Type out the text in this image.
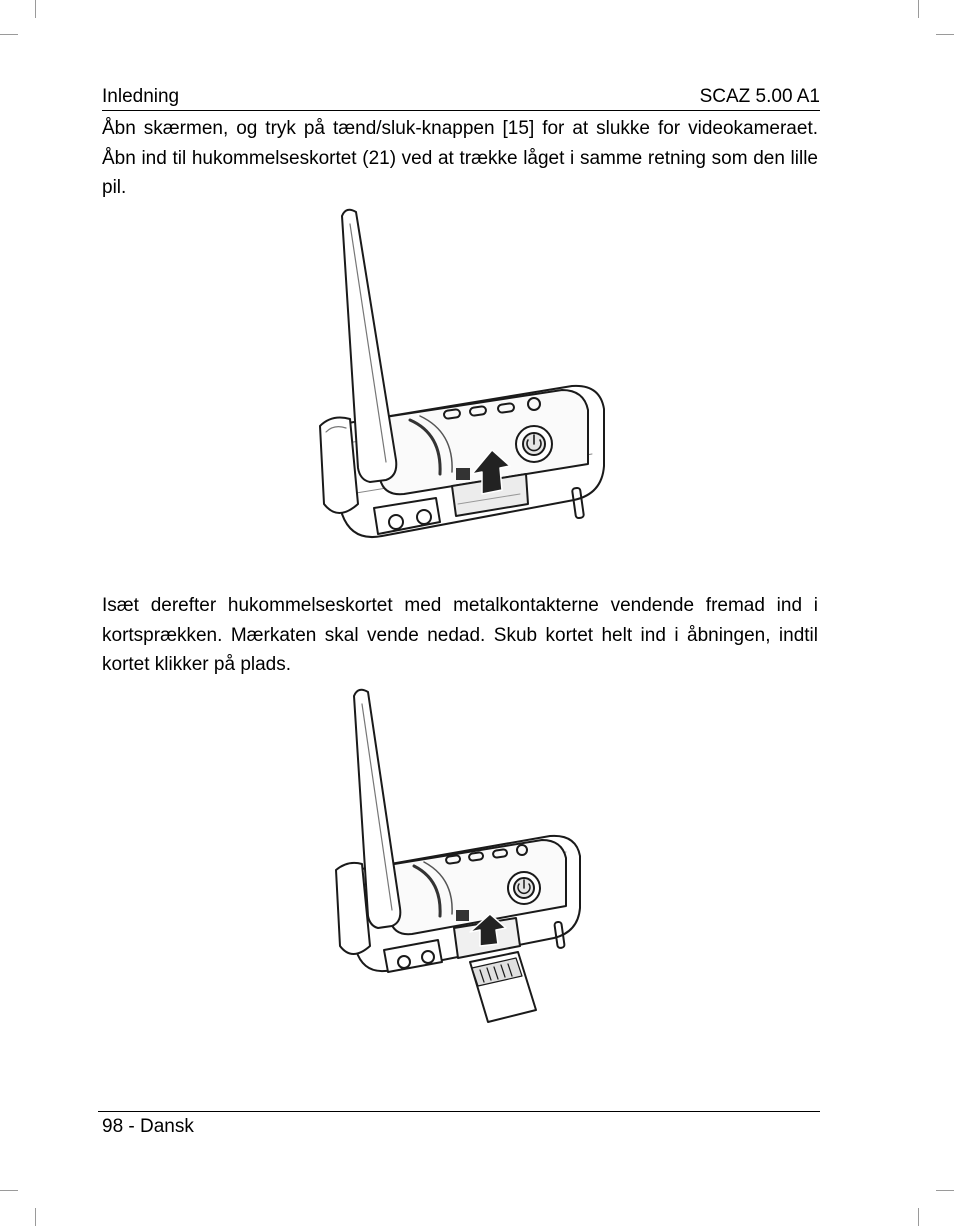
Inledning	SCAZ 5.00 A1

Åbn skærmen, og tryk på tænd/sluk-knappen [15] for at slukke for videokameraet. Åbn ind til hukommelseskortet (21) ved at trække låget i samme retning som den lille pil.

Isæt derefter hukommelseskortet med metalkontakterne vendende fremad ind i kortsprækken. Mærkaten skal vende nedad. Skub kortet helt ind i åbningen, indtil kortet klikker på plads.

98 - Dansk
